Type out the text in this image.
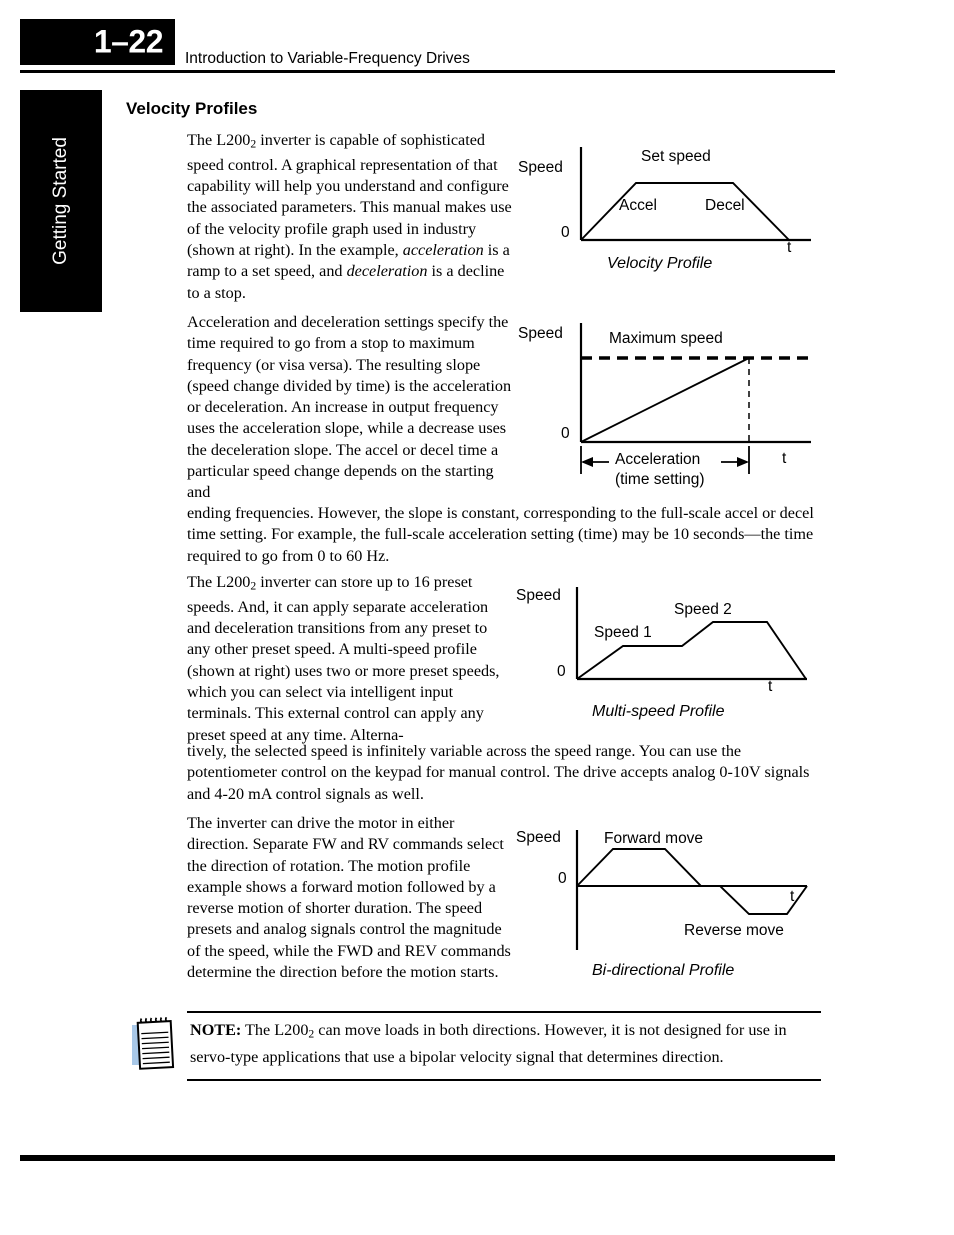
1–22 Introduction to Variable-Frequency Drives
Getting Started
Velocity Profiles
The $L200_2$ inverter is capable of sophisticated speed control. A graphical representation of that capability will help you understand and configure the associated parameters. This manual makes use of the velocity profile graph used in industry (shown at right). In the example, acceleration is a ramp to a set speed, and deceleration is a decline to a stop.
Speed
0
t
Set speed
Accel	Decel
Velocity Profile
Acceleration and deceleration settings specify the time required to go from a stop to maximum frequency (or visa versa). The resulting slope (speed change divided by time) is the acceleration or deceleration. An increase in output frequency uses the acceleration slope, while a decrease uses the deceleration slope. The accel or decel time a particular speed change depends on the starting and
Speed
0
t
Maximum speed
Acceleration
(time setting)
ending frequencies. However, the slope is constant, corresponding to the full-scale accel or decel time setting. For example, the full-scale acceleration setting (time) may be 10 seconds—the time required to go from 0 to 60 Hz.
The $L200_2$ inverter can store up to 16 preset speeds. And, it can apply separate acceleration and deceleration transitions from any preset to any other preset speed. A multi-speed profile (shown at right) uses two or more preset speeds, which you can select via intelligent input terminals. This external control can apply any preset speed at any time. Alterna-
Speed
0
t
Speed 1
Speed 2
Multi-speed Profile
tively, the selected speed is infinitely variable across the speed range. You can use the potentiometer control on the keypad for manual control. The drive accepts analog 0-10V signals and 4-20 mA control signals as well.
The inverter can drive the motor in either direction. Separate FW and RV commands select the direction of rotation. The motion profile example shows a forward motion followed by a reverse motion of shorter duration. The speed presets and analog signals control the magnitude of the speed, while the FWD and REV commands determine the direction before the motion starts.
Speed
0
t
Forward move
Reverse move
Bi-directional Profile
NOTE: The $L200_2$ can move loads in both directions. However, it is not designed for use in servo-type applications that use a bipolar velocity signal that determines direction.
